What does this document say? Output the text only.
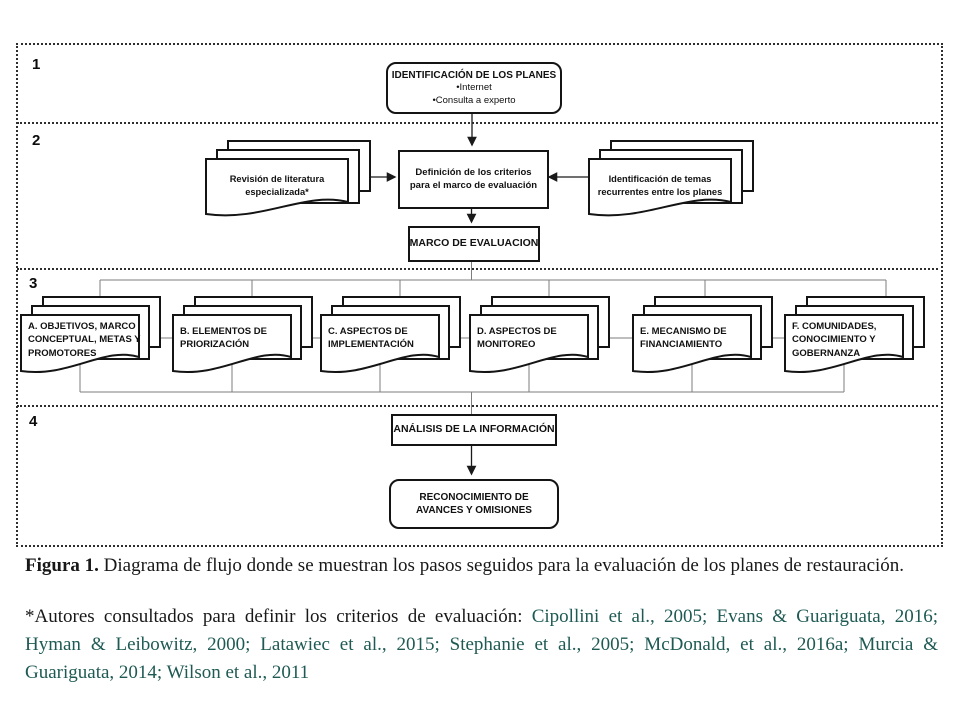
1
2
3
4
IDENTIFICACIÓN DE LOS PLANES
•Internet
•Consulta a experto
Revisión de literatura
especializada*
Definición de los criterios
para el marco de evaluación
Identificación de temas
recurrentes entre los planes
MARCO DE EVALUACION
A. OBJETIVOS, MARCO
CONCEPTUAL, METAS Y
PROMOTORES
B. ELEMENTOS DE
PRIORIZACIÓN
C. ASPECTOS DE
IMPLEMENTACIÓN
D. ASPECTOS DE
MONITOREO
E. MECANISMO DE
FINANCIAMIENTO
F. COMUNIDADES,
CONOCIMIENTO Y
GOBERNANZA
ANÁLISIS DE LA INFORMACIÓN
RECONOCIMIENTO DE
AVANCES Y OMISIONES
Figura 1. Diagrama de flujo donde se muestran los pasos seguidos para la evaluación de los planes de restauración.
*Autores consultados para definir los criterios de evaluación: Cipollini et al., 2005; Evans & Guariguata, 2016;
Hyman & Leibowitz, 2000; Latawiec et al., 2015; Stephanie et al., 2005; McDonald, et al., 2016a; Murcia &
Guariguata, 2014; Wilson et al., 2011
